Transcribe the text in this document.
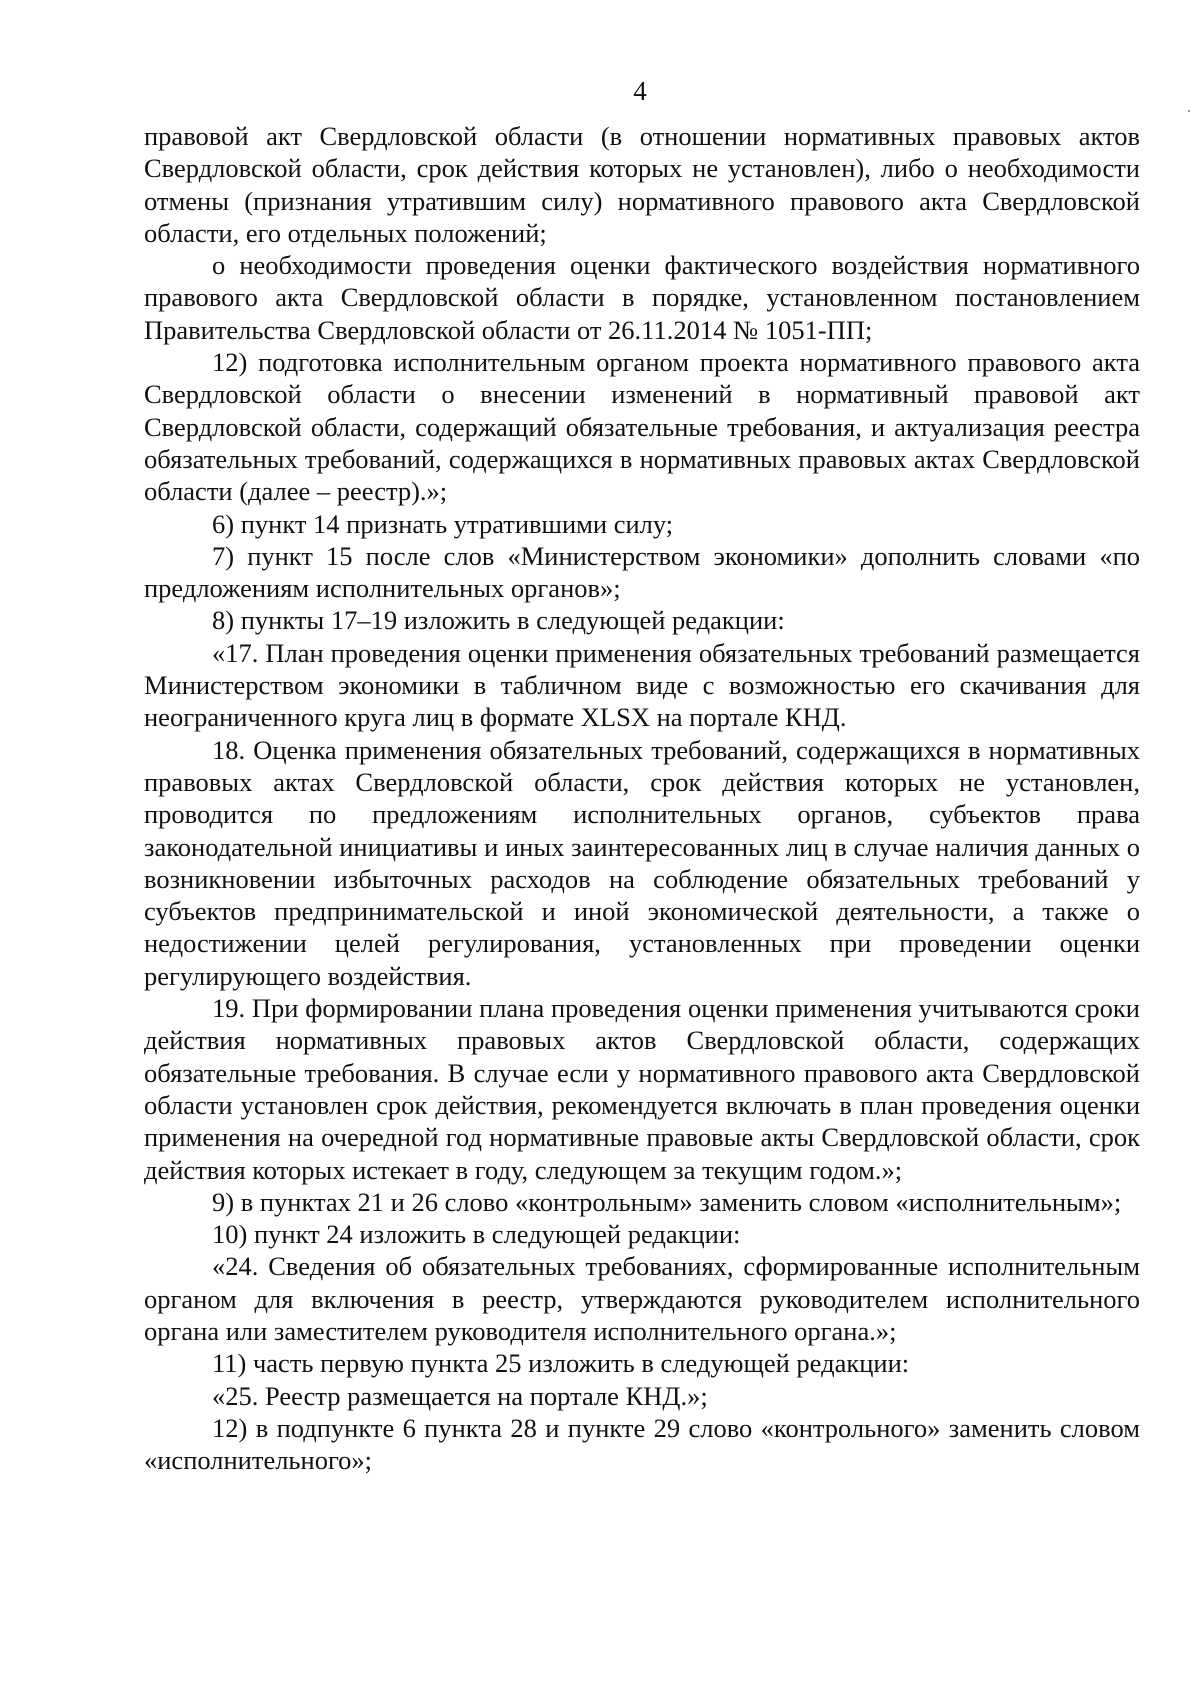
4

правовой акт Свердловской области (в отношении нормативных правовых актов Свердловской области, срок действия которых не установлен), либо о необходимости отмены (признания утратившим силу) нормативного правового акта Свердловской области, его отдельных положений;

о необходимости проведения оценки фактического воздействия нормативного правового акта Свердловской области в порядке, установленном постановлением Правительства Свердловской области от 26.11.2014 № 1051-ПП;

12) подготовка исполнительным органом проекта нормативного правового акта Свердловской области о внесении изменений в нормативный правовой акт Свердловской области, содержащий обязательные требования, и актуализация реестра обязательных требований, содержащихся в нормативных правовых актах Свердловской области (далее – реестр).»;

6) пункт 14 признать утратившими силу;

7) пункт 15 после слов «Министерством экономики» дополнить словами «по предложениям исполнительных органов»;

8) пункты 17–19 изложить в следующей редакции:

«17. План проведения оценки применения обязательных требований размещается Министерством экономики в табличном виде с возможностью его скачивания для неограниченного круга лиц в формате XLSX на портале КНД.

18. Оценка применения обязательных требований, содержащихся в нормативных правовых актах Свердловской области, срок действия которых не установлен, проводится по предложениям исполнительных органов, субъектов права законодательной инициативы и иных заинтересованных лиц в случае наличия данных о возникновении избыточных расходов на соблюдение обязательных требований у субъектов предпринимательской и иной экономической деятельности, а также о недостижении целей регулирования, установленных при проведении оценки регулирующего воздействия.

19. При формировании плана проведения оценки применения учитываются сроки действия нормативных правовых актов Свердловской области, содержащих обязательные требования. В случае если у нормативного правового акта Свердловской области установлен срок действия, рекомендуется включать в план проведения оценки применения на очередной год нормативные правовые акты Свердловской области, срок действия которых истекает в году, следующем за текущим годом.»;

9) в пунктах 21 и 26 слово «контрольным» заменить словом «исполнительным»;

10) пункт 24 изложить в следующей редакции:

«24. Сведения об обязательных требованиях, сформированные исполнительным органом для включения в реестр, утверждаются руководителем исполнительного органа или заместителем руководителя исполнительного органа.»;

11) часть первую пункта 25 изложить в следующей редакции:

«25. Реестр размещается на портале КНД.»;

12) в подпункте 6 пункта 28 и пункте 29 слово «контрольного» заменить словом «исполнительного»;
